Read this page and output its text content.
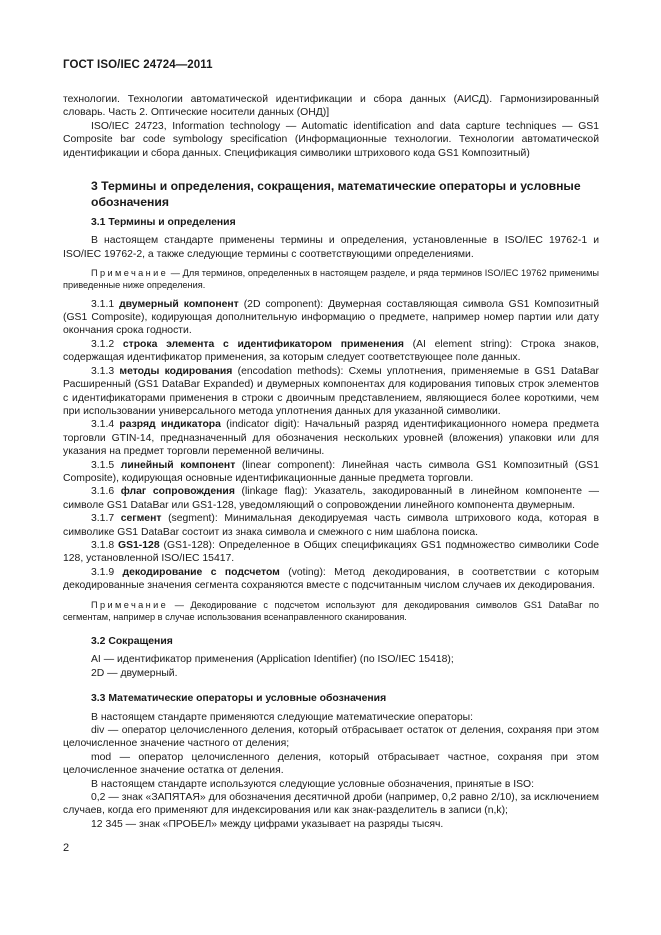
ГОСТ ISO/IEC 24724—2011

технологии. Технологии автоматической идентификации и сбора данных (АИСД). Гармонизированный словарь. Часть 2. Оптические носители данных (ОНД)]

ISO/IEC 24723, Information technology — Automatic identification and data capture techniques — GS1 Composite bar code symbology specification (Информационные технологии. Технологии автоматической идентификации и сбора данных. Спецификация символики штрихового кода GS1 Композитный)

3 Термины и определения, сокращения, математические операторы и условные обозначения

3.1 Термины и определения

В настоящем стандарте применены термины и определения, установленные в ISO/IEC 19762-1 и ISO/IEC 19762-2, а также следующие термины с соответствующими определениями.

Примечание — Для терминов, определенных в настоящем разделе, и ряда терминов ISO/IEC 19762 применимы приведенные ниже определения.

3.1.1 двумерный компонент (2D component): Двумерная составляющая символа GS1 Композитный (GS1 Composite), кодирующая дополнительную информацию о предмете, например номер партии или дату окончания срока годности.

3.1.2 строка элемента с идентификатором применения (AI element string): Строка знаков, содержащая идентификатор применения, за которым следует соответствующее поле данных.

3.1.3 методы кодирования (encodation methods): Схемы уплотнения, применяемые в GS1 DataBar Расширенный (GS1 DataBar Expanded) и двумерных компонентах для кодирования типовых строк элементов с идентификаторами применения в строки с двоичным представлением, являющиеся более короткими, чем при использовании универсального метода уплотнения данных для указанной символики.

3.1.4 разряд индикатора (indicator digit): Начальный разряд идентификационного номера предмета торговли GTIN-14, предназначенный для обозначения нескольких уровней (вложения) упаковки или для указания на предмет торговли переменной величины.

3.1.5 линейный компонент (linear component): Линейная часть символа GS1 Композитный (GS1 Composite), кодирующая основные идентификационные данные предмета торговли.

3.1.6 флаг сопровождения (linkage flag): Указатель, закодированный в линейном компоненте — символе GS1 DataBar или GS1-128, уведомляющий о сопровождении линейного компонента двумерным.

3.1.7 сегмент (segment): Минимальная декодируемая часть символа штрихового кода, которая в символике GS1 DataBar состоит из знака символа и смежного с ним шаблона поиска.

3.1.8 GS1-128 (GS1-128): Определенное в Общих спецификациях GS1 подмножество символики Code 128, установленной ISO/IEC 15417.

3.1.9 декодирование с подсчетом (voting): Метод декодирования, в соответствии с которым декодированные значения сегмента сохраняются вместе с подсчитанным числом случаев их декодирования.

Примечание — Декодирование с подсчетом используют для декодирования символов GS1 DataBar по сегментам, например в случае использования всенаправленного сканирования.

3.2 Сокращения

AI — идентификатор применения (Application Identifier) (по ISO/IEC 15418);

2D — двумерный.

3.3 Математические операторы и условные обозначения

В настоящем стандарте применяются следующие математические операторы:

div — оператор целочисленного деления, который отбрасывает остаток от деления, сохраняя при этом целочисленное значение частного от деления;

mod — оператор целочисленного деления, который отбрасывает частное, сохраняя при этом целочисленное значение остатка от деления.

В настоящем стандарте используются следующие условные обозначения, принятые в ISO:

0,2 — знак «ЗАПЯТАЯ» для обозначения десятичной дроби (например, 0,2 равно 2/10), за исключением случаев, когда его применяют для индексирования или как знак-разделитель в записи (n,k);

12 345 — знак «ПРОБЕЛ» между цифрами указывает на разряды тысяч.

2
